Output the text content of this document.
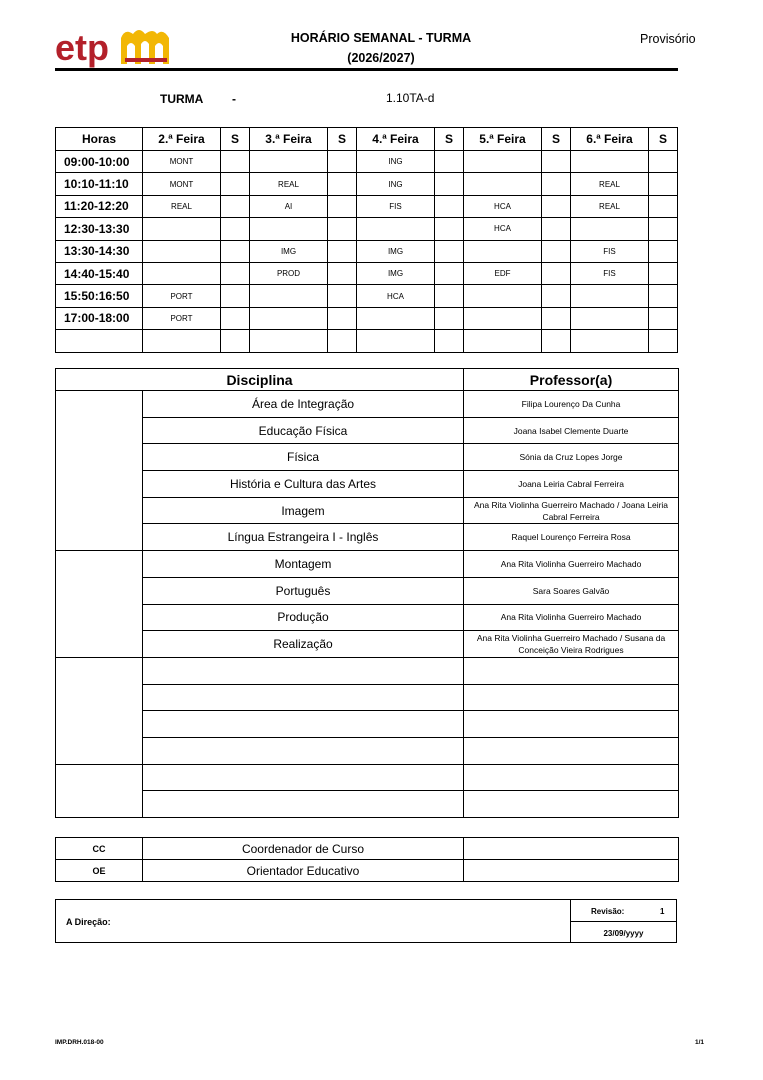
etp	HORÁRIO SEMANAL - TURMA
(2026/2027)
Provisório
TURMA -	1.10TA-d
Horas	2.ª Feira	S	3.ª Feira	S	4.ª Feira	S	5.ª Feira	S	6.ª Feira	S
09:00-10:00	MONT				ING					
10:10-11:10	MONT		REAL		ING				REAL	
11:20-12:20	REAL		AI		FIS		HCA		REAL	
12:30-13:30							HCA			
13:30-14:30			IMG		IMG				FIS	
14:40-15:40			PROD		IMG		EDF		FIS	
15:50:16:50	PORT				HCA					
17:00-18:00	PORT									

Disciplina		Professor(a)
	Área de Integração	Filipa Lourenço Da Cunha
	Educação Física	Joana Isabel Clemente Duarte
	Física	Sónia da Cruz Lopes Jorge
	História e Cultura das Artes	Joana Leiria Cabral Ferreira
	Imagem	Ana Rita Violinha Guerreiro Machado / Joana Leiria Cabral Ferreira
	Língua Estrangeira I - Inglês	Raquel Lourenço Ferreira Rosa
	Montagem	Ana Rita Violinha Guerreiro Machado
	Português	Sara Soares Galvão
	Produção	Ana Rita Violinha Guerreiro Machado
	Realização	Ana Rita Violinha Guerreiro Machado / Susana da Conceição Vieira Rodrigues

CC	Coordenador de Curso	
OE	Orientador Educativo	
A Direção:
Revisão:	1
23/09/yyyy
IMP.DRH.018-00	1/1
